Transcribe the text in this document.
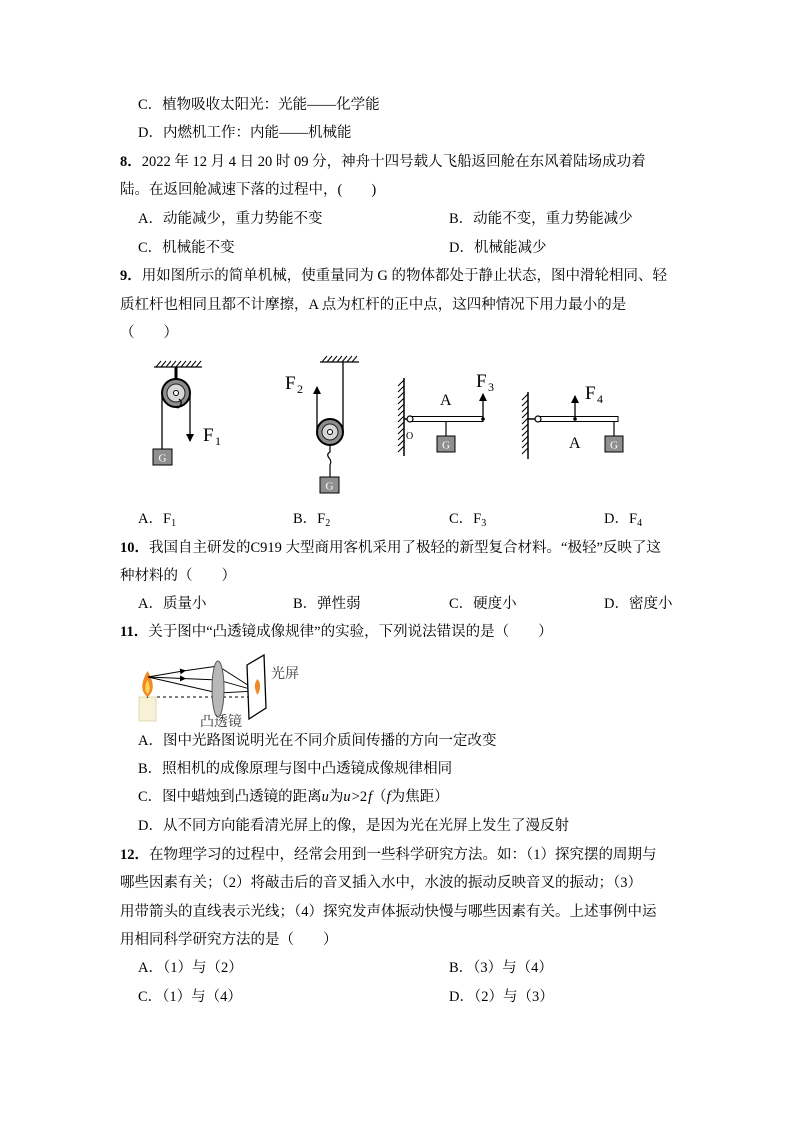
C．植物吸收太阳光：光能——化学能
D．内燃机工作：内能——机械能
8．2022 年 12 月 4 日 20 时 09 分，神舟十四号载人飞船返回舱在东风着陆场成功着
陆。在返回舱减速下落的过程中，(　　)
A．动能减少，重力势能不变	B．动能不变，重力势能减少
C．机械能不变	D．机械能减少
9．用如图所示的简单机械，使重量同为 G 的物体都处于静止状态，图中滑轮相同、轻
质杠杆也相同且都不计摩擦，A 点为杠杆的正中点，这四种情况下用力最小的是
（　　）
G
F 1
F 2
G
O
F 3
A
G
F 4
A	G
A．$F_1$	B．$F_2$	C．$F_3$	D．$F_4$
10．我国自主研发的C919 大型商用客机采用了极轻的新型复合材料。“极轻”反映了这
种材料的（　　）
A．质量小	B．弹性弱	C．硬度小	D．密度小
11．关于图中“凸透镜成像规律”的实验，下列说法错误的是（　　）
光屏
凸透镜
A．图中光路图说明光在不同介质间传播的方向一定改变
B．照相机的成像原理与图中凸透镜成像规律相同
C．图中蜡烛到凸透镜的距离u为u>2f（f为焦距）
D．从不同方向能看清光屏上的像，是因为光在光屏上发生了漫反射
12．在物理学习的过程中，经常会用到一些科学研究方法。如：（1）探究摆的周期与
哪些因素有关；（2）将敲击后的音叉插入水中，水波的振动反映音叉的振动；（3）
用带箭头的直线表示光线；（4）探究发声体振动快慢与哪些因素有关。上述事例中运
用相同科学研究方法的是（　　）
A．（1）与（2）	B．（3）与（4）
C．（1）与（4）	D．（2）与（3）
